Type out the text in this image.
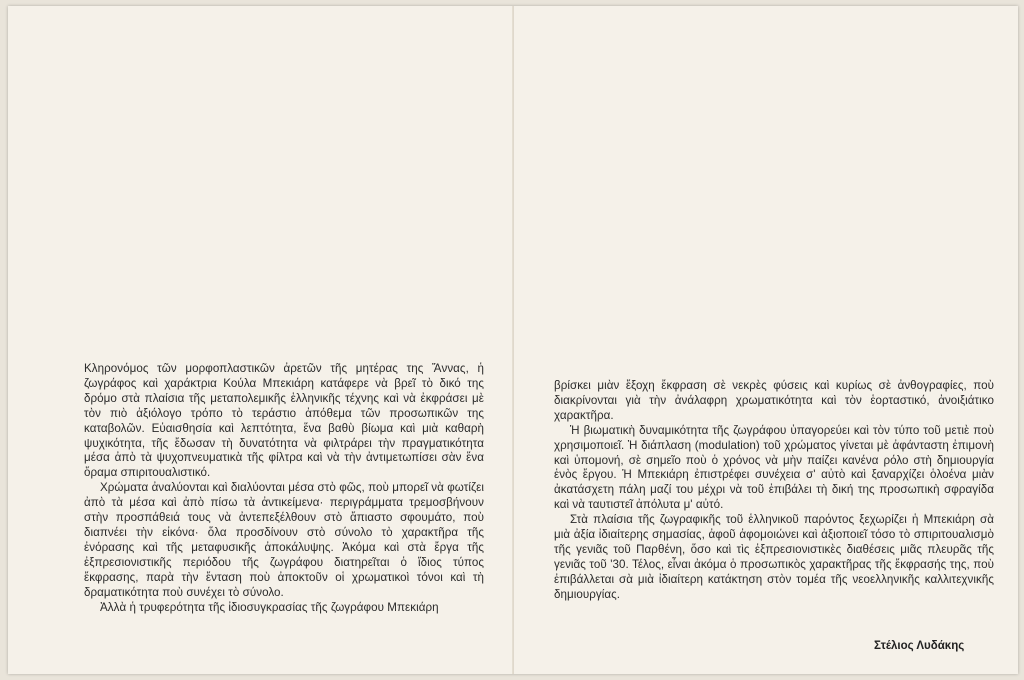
Κληρονόμος τῶν μορφοπλαστικῶν ἀρετῶν τῆς μητέρας της Ἄννας, ἡ ζωγράφος καὶ χαράκτρια Κούλα Μπεκιάρη κατάφερε νὰ βρεῖ τὸ δικό της δρόμο στὰ πλαίσια τῆς μεταπολεμικῆς ἑλληνικῆς τέχνης καὶ νὰ ἐκφράσει μὲ τὸν πιὸ ἀξιόλογο τρόπο τὸ τεράστιο ἀπόθεμα τῶν προσωπικῶν της καταβολῶν. Εὐαισθησία καὶ λεπτότητα, ἕνα βαθὺ βίωμα καὶ μιὰ καθαρὴ ψυχικότητα, τῆς ἔδωσαν τὴ δυνατότητα νὰ φιλτράρει τὴν πραγματικότητα μέσα ἀπὸ τὰ ψυχοπνευματικὰ τῆς φίλτρα καὶ νὰ τὴν ἀντιμετωπίσει σὰν ἕνα ὅραμα σπιριτουαλιστικό.

Χρώματα ἀναλύονται καὶ διαλύονται μέσα στὸ φῶς, ποὺ μπορεῖ νὰ φωτίζει ἀπὸ τὰ μέσα καὶ ἀπὸ πίσω τὰ ἀντικείμενα· περιγράμματα τρεμοσβήνουν στὴν προσπάθειά τους νὰ ἀντεπεξέλθουν στὸ ἄπιαστο σφουμάτο, ποὺ διαπνέει τὴν εἰκόνα· ὅλα προσδίνουν στὸ σύνολο τὸ χαρακτῆρα τῆς ἐνόρασης καὶ τῆς μεταφυσικῆς ἀποκάλυψης. Ἀκόμα καὶ στὰ ἔργα τῆς ἐξπρεσιονιστικῆς περιόδου τῆς ζωγράφου διατηρεῖται ὁ ἴδιος τύπος ἔκφρασης, παρὰ τὴν ἔνταση ποὺ ἀποκτοῦν οἱ χρωματικοὶ τόνοι καὶ τὴ δραματικότητα ποὺ συνέχει τὸ σύνολο.

Ἀλλὰ ἡ τρυφερότητα τῆς ἰδιοσυγκρασίας τῆς ζωγράφου Μπεκιάρη

βρίσκει μιὰν ἔξοχη ἔκφραση σὲ νεκρὲς φύσεις καὶ κυρίως σὲ ἀνθογραφίες, ποὺ διακρίνονται γιὰ τὴν ἀνάλαφρη χρωματικότητα καὶ τὸν ἑορταστικό, ἀνοιξιάτικο χαρακτῆρα.

Ἡ βιωματικὴ δυναμικότητα τῆς ζωγράφου ὑπαγορεύει καὶ τὸν τύπο τοῦ μετιὲ ποὺ χρησιμοποιεῖ. Ἡ διάπλαση (modulation) τοῦ χρώματος γίνεται μὲ ἀφάνταστη ἐπιμονὴ καὶ ὑπομονή, σὲ σημεῖο ποὺ ὁ χρόνος νὰ μὴν παίζει κανένα ρόλο στὴ δημιουργία ἑνὸς ἔργου. Ἡ Μπεκιάρη ἐπιστρέφει συνέχεια σ' αὐτὸ καὶ ξαναρχίζει ὁλοένα μιὰν ἀκατάσχετη πάλη μαζί του μέχρι νὰ τοῦ ἐπιβάλει τὴ δική της προσωπικὴ σφραγίδα καὶ νὰ ταυτιστεῖ ἀπόλυτα μ' αὐτό.

Στὰ πλαίσια τῆς ζωγραφικῆς τοῦ ἑλληνικοῦ παρόντος ξεχωρίζει ἡ Μπεκιάρη σὰ μιὰ ἀξία ἰδιαίτερης σημασίας, ἀφοῦ ἀφομοιώνει καὶ ἀξιοποιεῖ τόσο τὸ σπιριτουαλισμὸ τῆς γενιᾶς τοῦ Παρθένη, ὅσο καὶ τὶς ἐξπρεσιονιστικὲς διαθέσεις μιᾶς πλευρᾶς τῆς γενιᾶς τοῦ '30. Τέλος, εἶναι ἀκόμα ὁ προσωπικὸς χαρακτῆρας τῆς ἔκφρασής της, ποὺ ἐπιβάλλεται σὰ μιὰ ἰδιαίτερη κατάκτηση στὸν τομέα τῆς νεοελληνικῆς καλλιτεχνικῆς δημιουργίας.

Στέλιος Λυδάκης
